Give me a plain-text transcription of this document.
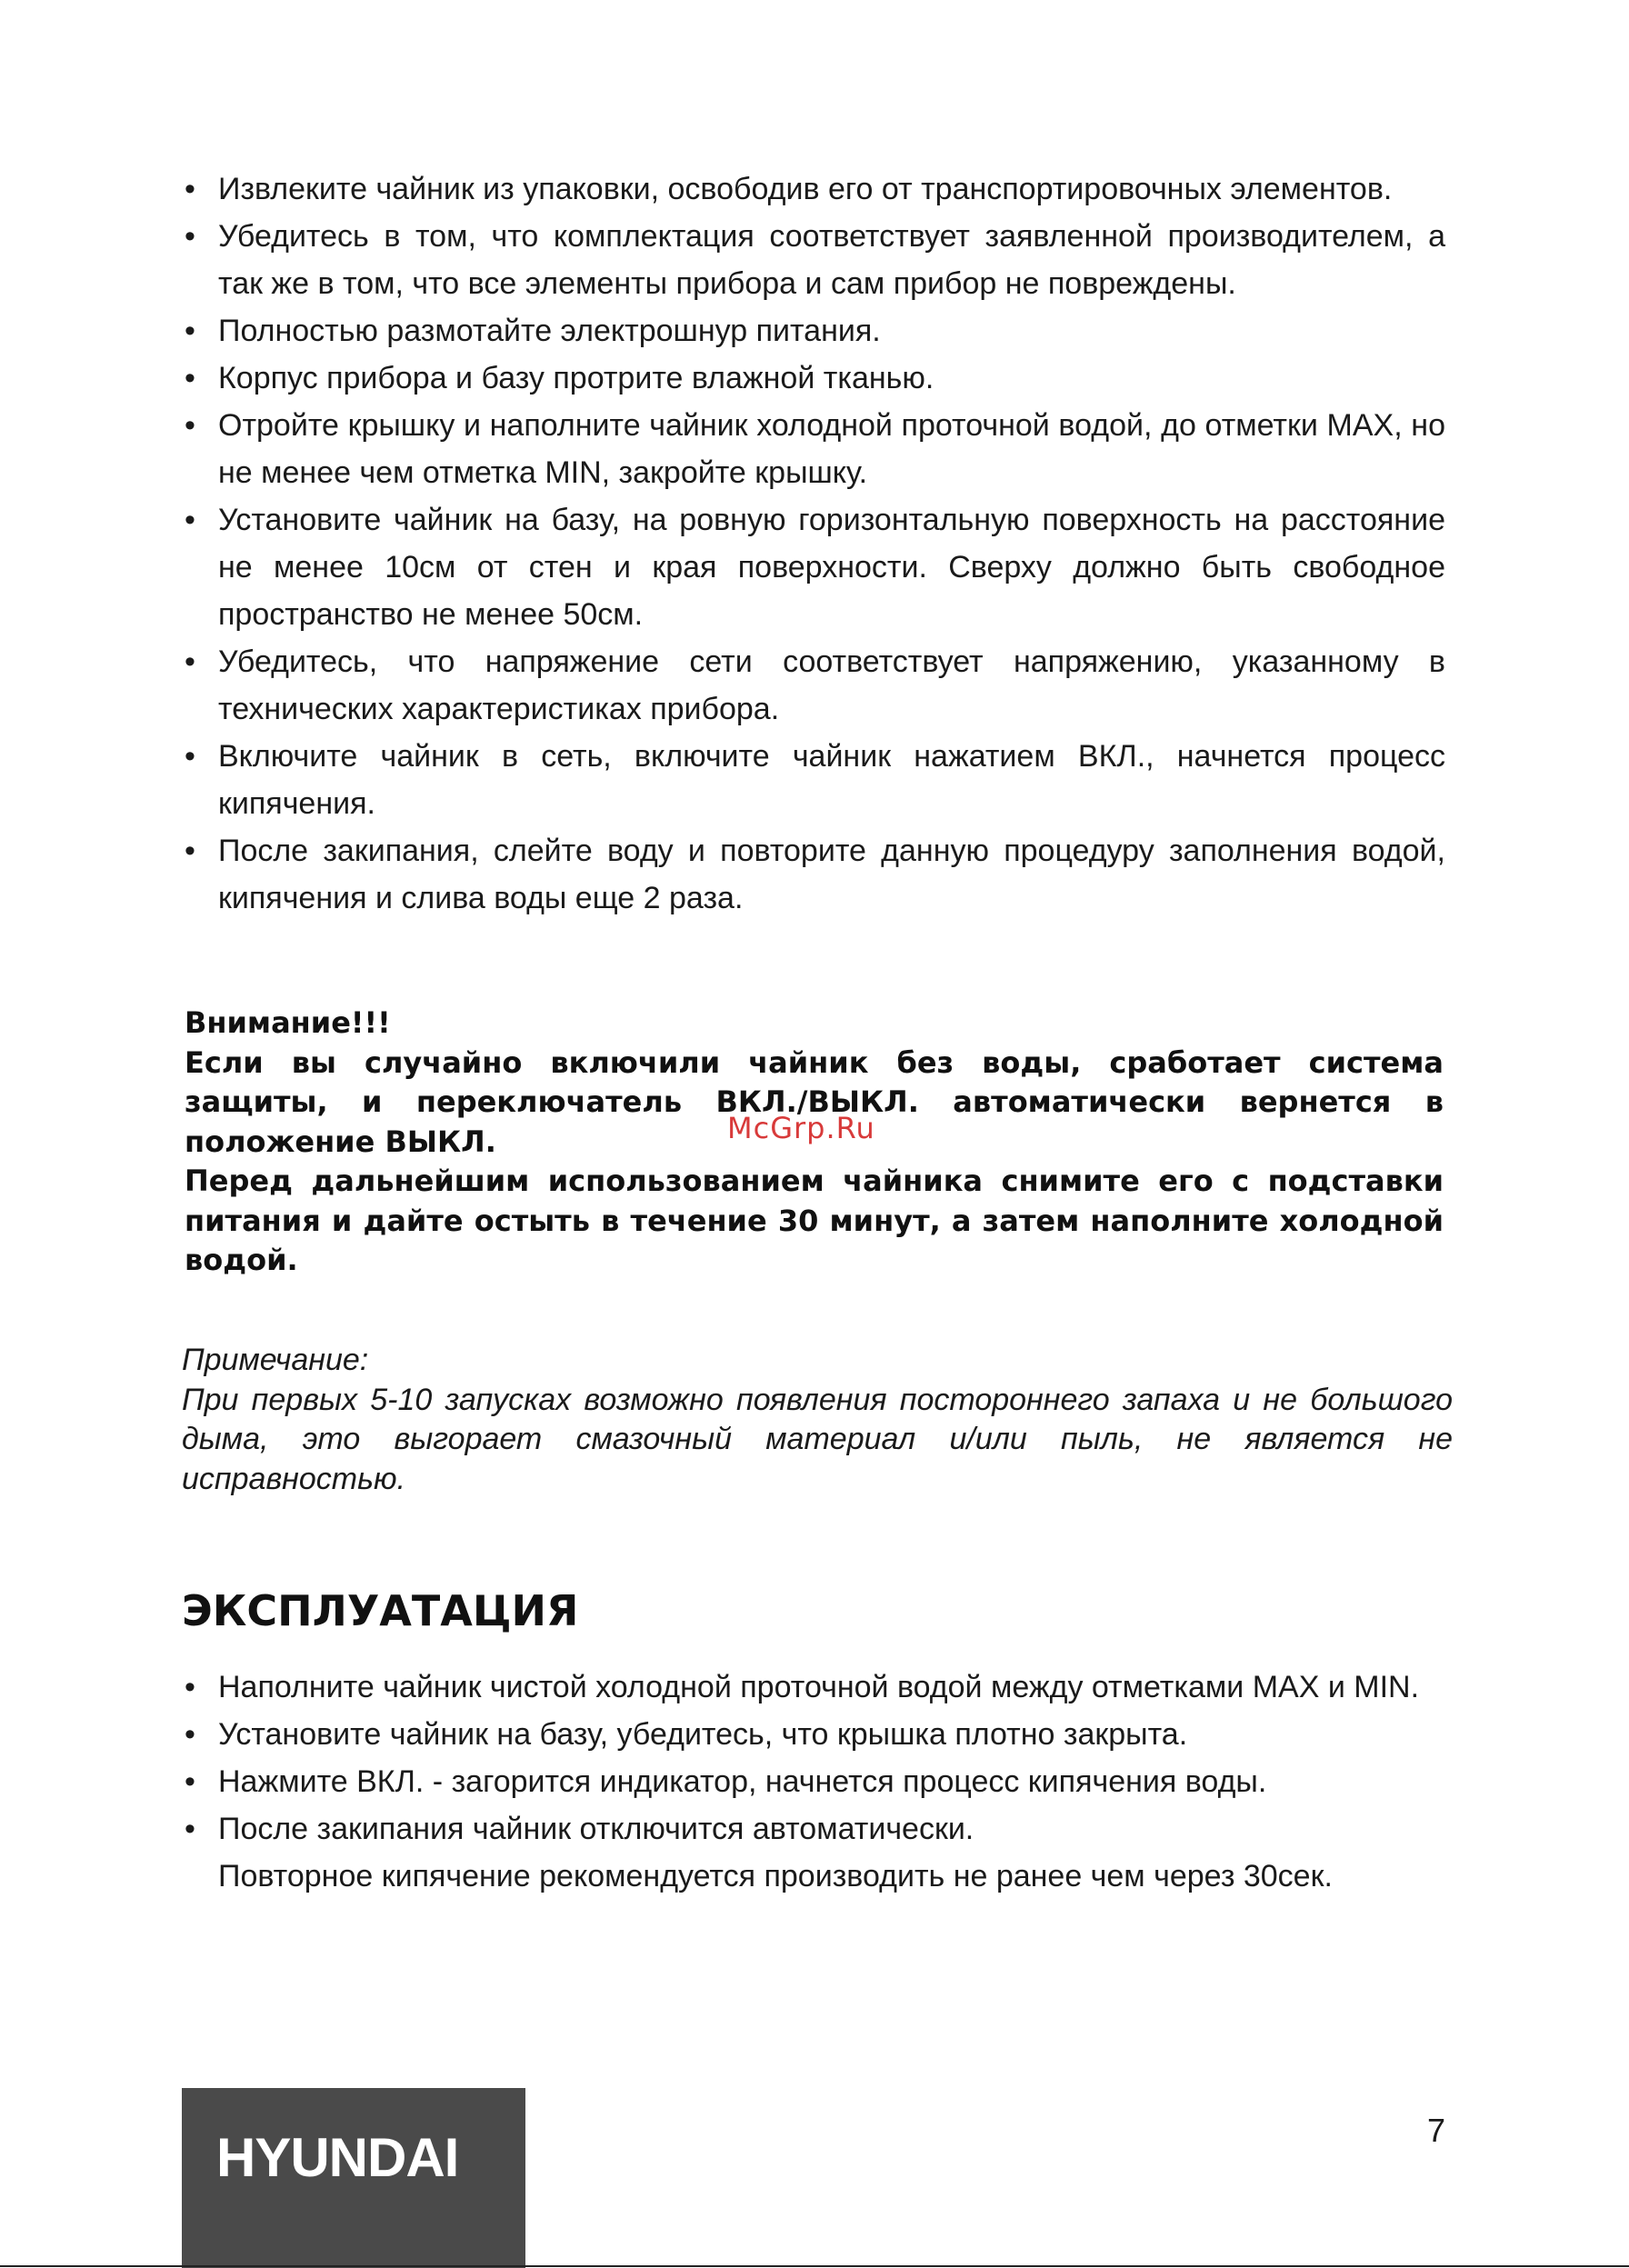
• Извлеките чайник из упаковки, освободив его от транспортировочных элементов.
• Убедитесь в том, что комплектация соответствует заявленной производителем, а так же в том, что все элементы прибора и сам прибор не повреждены.
• Полностью размотайте электрошнур питания.
• Корпус прибора и базу протрите влажной тканью.
• Отройте крышку и наполните чайник холодной проточной водой, до отметки MAX, но не менее чем отметка MIN, закройте крышку.
• Установите чайник на базу, на ровную горизонтальную поверхность на расстояние не менее 10см от стен и края поверхности. Сверху должно быть свободное пространство не менее 50см.
• Убедитесь, что напряжение сети соответствует напряжению, указанному в технических характеристиках прибора.
• Включите чайник в сеть, включите чайник нажатием ВКЛ., начнется процесс кипячения.
• После закипания, слейте воду и повторите данную процедуру заполнения водой, кипячения и слива воды еще 2 раза.

Внимание!!!

Если вы случайно включили чайник без воды, сработает система защиты, и переключатель ВКЛ./ВЫКЛ. автоматически вернется в положение ВЫКЛ.

Перед дальнейшим использованием чайника снимите его с подставки питания и дайте остыть в течение 30 минут, а затем наполните холодной водой.

McGrp.Ru

Примечание:

При первых 5-10 запусках возможно появления постороннего запаха и не большого дыма, это выгорает смазочный материал и/или пыль, не является не исправностью.

ЭКСПЛУАТАЦИЯ
• Наполните чайник чистой холодной проточной водой между отметками MAX и MIN.
• Установите чайник на базу, убедитесь, что крышка плотно закрыта.
• Нажмите ВКЛ. - загорится индикатор, начнется процесс кипячения воды.
• После закипания чайник отключится автоматически.
Повторное кипячение рекомендуется производить не ранее чем через 30сек.
HYUNDAI	7
